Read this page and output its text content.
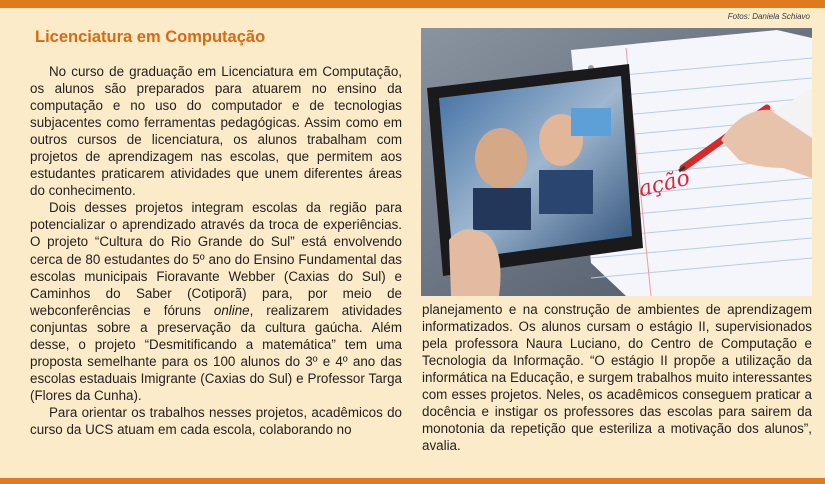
Fotos: Daniela Schiavo
Licenciatura em Computação

No curso de graduação em Licenciatura em Computação, os alunos são preparados para atuarem no ensino da computação e no uso do computador e de tecnologias subjacentes como ferramentas pedagógicas. Assim como em outros cursos de licenciatura, os alunos trabalham com projetos de aprendizagem nas escolas, que permitem aos estudantes praticarem atividades que unem diferentes áreas do conhecimento.

Dois desses projetos integram escolas da região para potencializar o aprendizado através da troca de experiências. O projeto “Cultura do Rio Grande do Sul” está envolvendo cerca de 80 estudantes do 5º ano do Ensino Fundamental das escolas municipais Fioravante Webber (Caxias do Sul) e Caminhos do Saber (Cotiporã) para, por meio de webconferências e fóruns online, realizarem atividades conjuntas sobre a preservação da cultura gaúcha. Além desse, o projeto “Desmitificando a matemática” tem uma proposta semelhante para os 100 alunos do 3º e 4º ano das escolas estaduais Imigrante (Caxias do Sul) e Professor Targa (Flores da Cunha).

Para orientar os trabalhos nesses projetos, acadêmicos do curso da UCS atuam em cada escola, colaborando no

ducação

planejamento e na construção de ambientes de aprendizagem informatizados. Os alunos cursam o estágio II, supervisionados pela professora Naura Luciano, do Centro de Computação e Tecnologia da Informação. “O estágio II propõe a utilização da informática na Educação, e surgem trabalhos muito interessantes com esses projetos. Neles, os acadêmicos conseguem praticar a docência e instigar os professores das escolas para sairem da monotonia da repetição que esteriliza a motivação dos alunos”, avalia.
